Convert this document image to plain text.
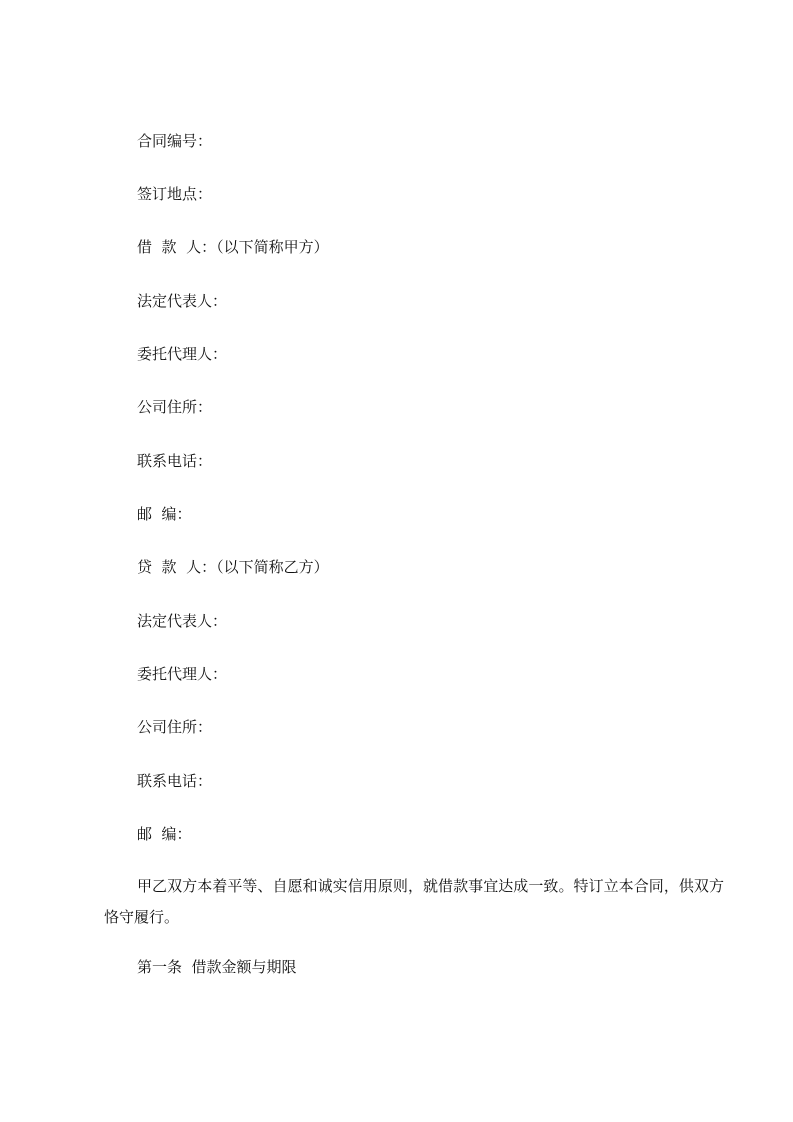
合同编号：
签订地点：
借  款  人：（以下简称甲方）
法定代表人：
委托代理人：
公司住所：
联系电话：
邮  编：
贷  款  人：（以下简称乙方）
法定代表人：
委托代理人：
公司住所：
联系电话：
邮  编：
甲乙双方本着平等、自愿和诚实信用原则，就借款事宜达成一致。特订立本合同，供双方恪守履行。
第一条  借款金额与期限
